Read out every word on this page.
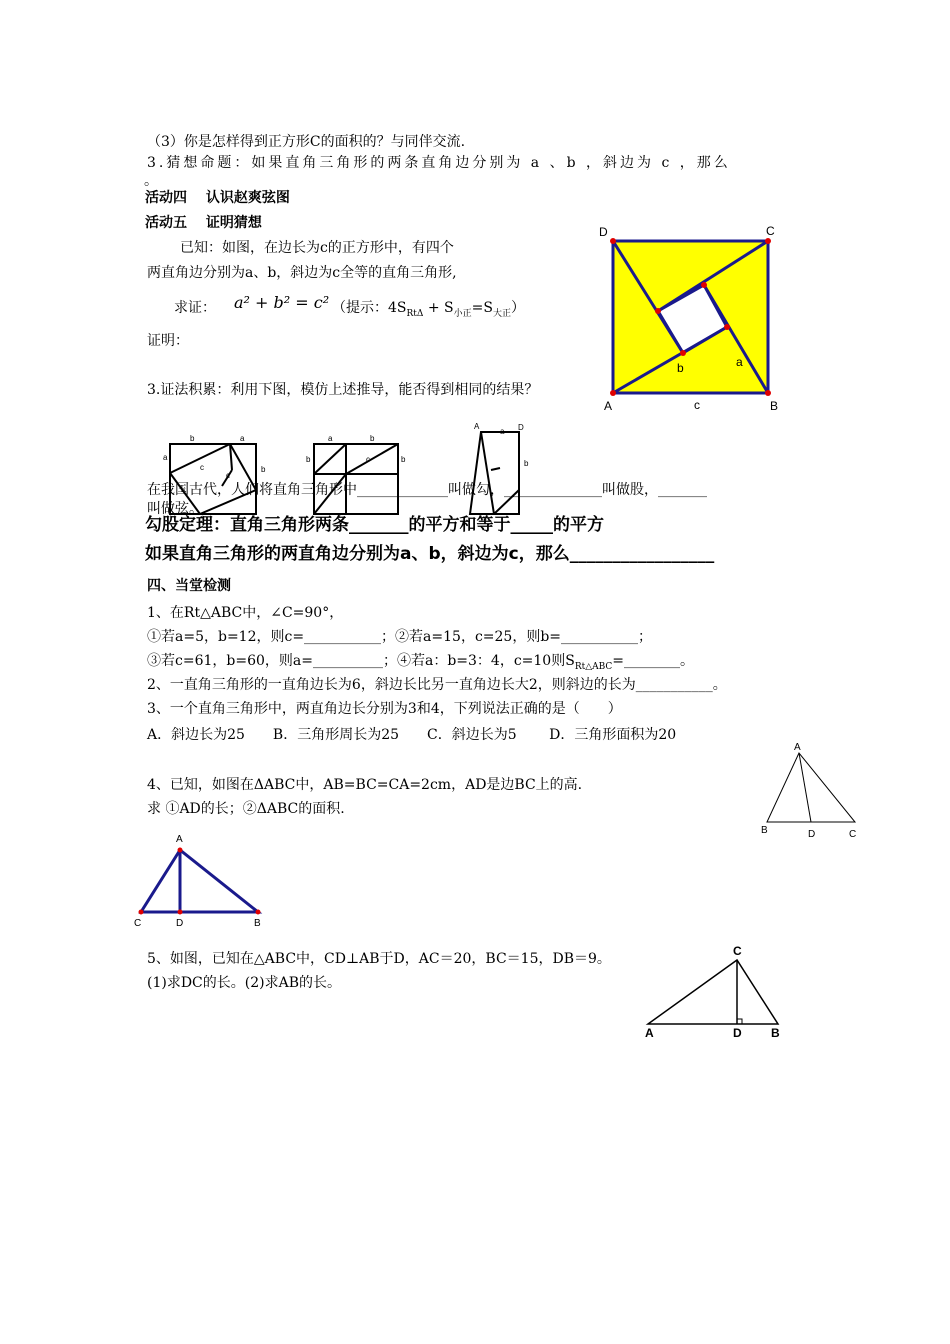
（3）你是怎样得到正方形C的面积的？与同伴交流.
3.猜想命题：如果直角三角形的两条直角边分别为 a 、b ，斜边为 c ，那么
。
活动四　 认识赵爽弦图
活动五　 证明猜想
已知：如图，在边长为c的正方形中，有四个
两直角边分别为a、b，斜边为c全等的直角三角形,
求证： a² + b² = c² （提示：$4S_{Rt\Delta} + S_{小正}=S_{大正}$）
证明：
3.证法积累：利用下图，模仿上述推导，能否得到相同的结果？
在我国古代，人们将直角三角形中_____________叫做勾，______________叫做股，_______
叫做弦。
勾股定理：直角三角形两条_______的平方和等于_____的平方
如果直角三角形的两直角边分别为a、b，斜边为c，那么_________________
四、当堂检测
1、在Rt△ABC中，∠C=90°，
①若a=5，b=12，则c=___________；②若a=15，c=25，则b=___________；
③若c=61，b=60，则a=__________；④若a：b=3：4，c=10则$S_{Rt\triangle ABC}=\_\_\_\_\_\_\_\_$。
2、一直角三角形的一直角边长为6，斜边长比另一直角边长大2，则斜边的长为___________。
3、一个直角三角形中，两直角边长分别为3和4，下列说法正确的是（　　）
A．斜边长为25　　B．三角形周长为25　　C．斜边长为5　　 D．三角形面积为20
4、已知，如图在ΔABC中，AB=BC=CA=2cm，AD是边BC上的高.
求 ①AD的长；②ΔABC的面积.
5、如图，已知在△ABC中，CD⊥AB于D，AC＝20，BC＝15，DB＝9。
(1)求DC的长。(2)求AB的长。
D	C
A	B
a
b
c
b	a
a
c	b
c
a	b
b	c	b
A
a D
b
A
B	D	C
A
C	D	B
C
A	D B
